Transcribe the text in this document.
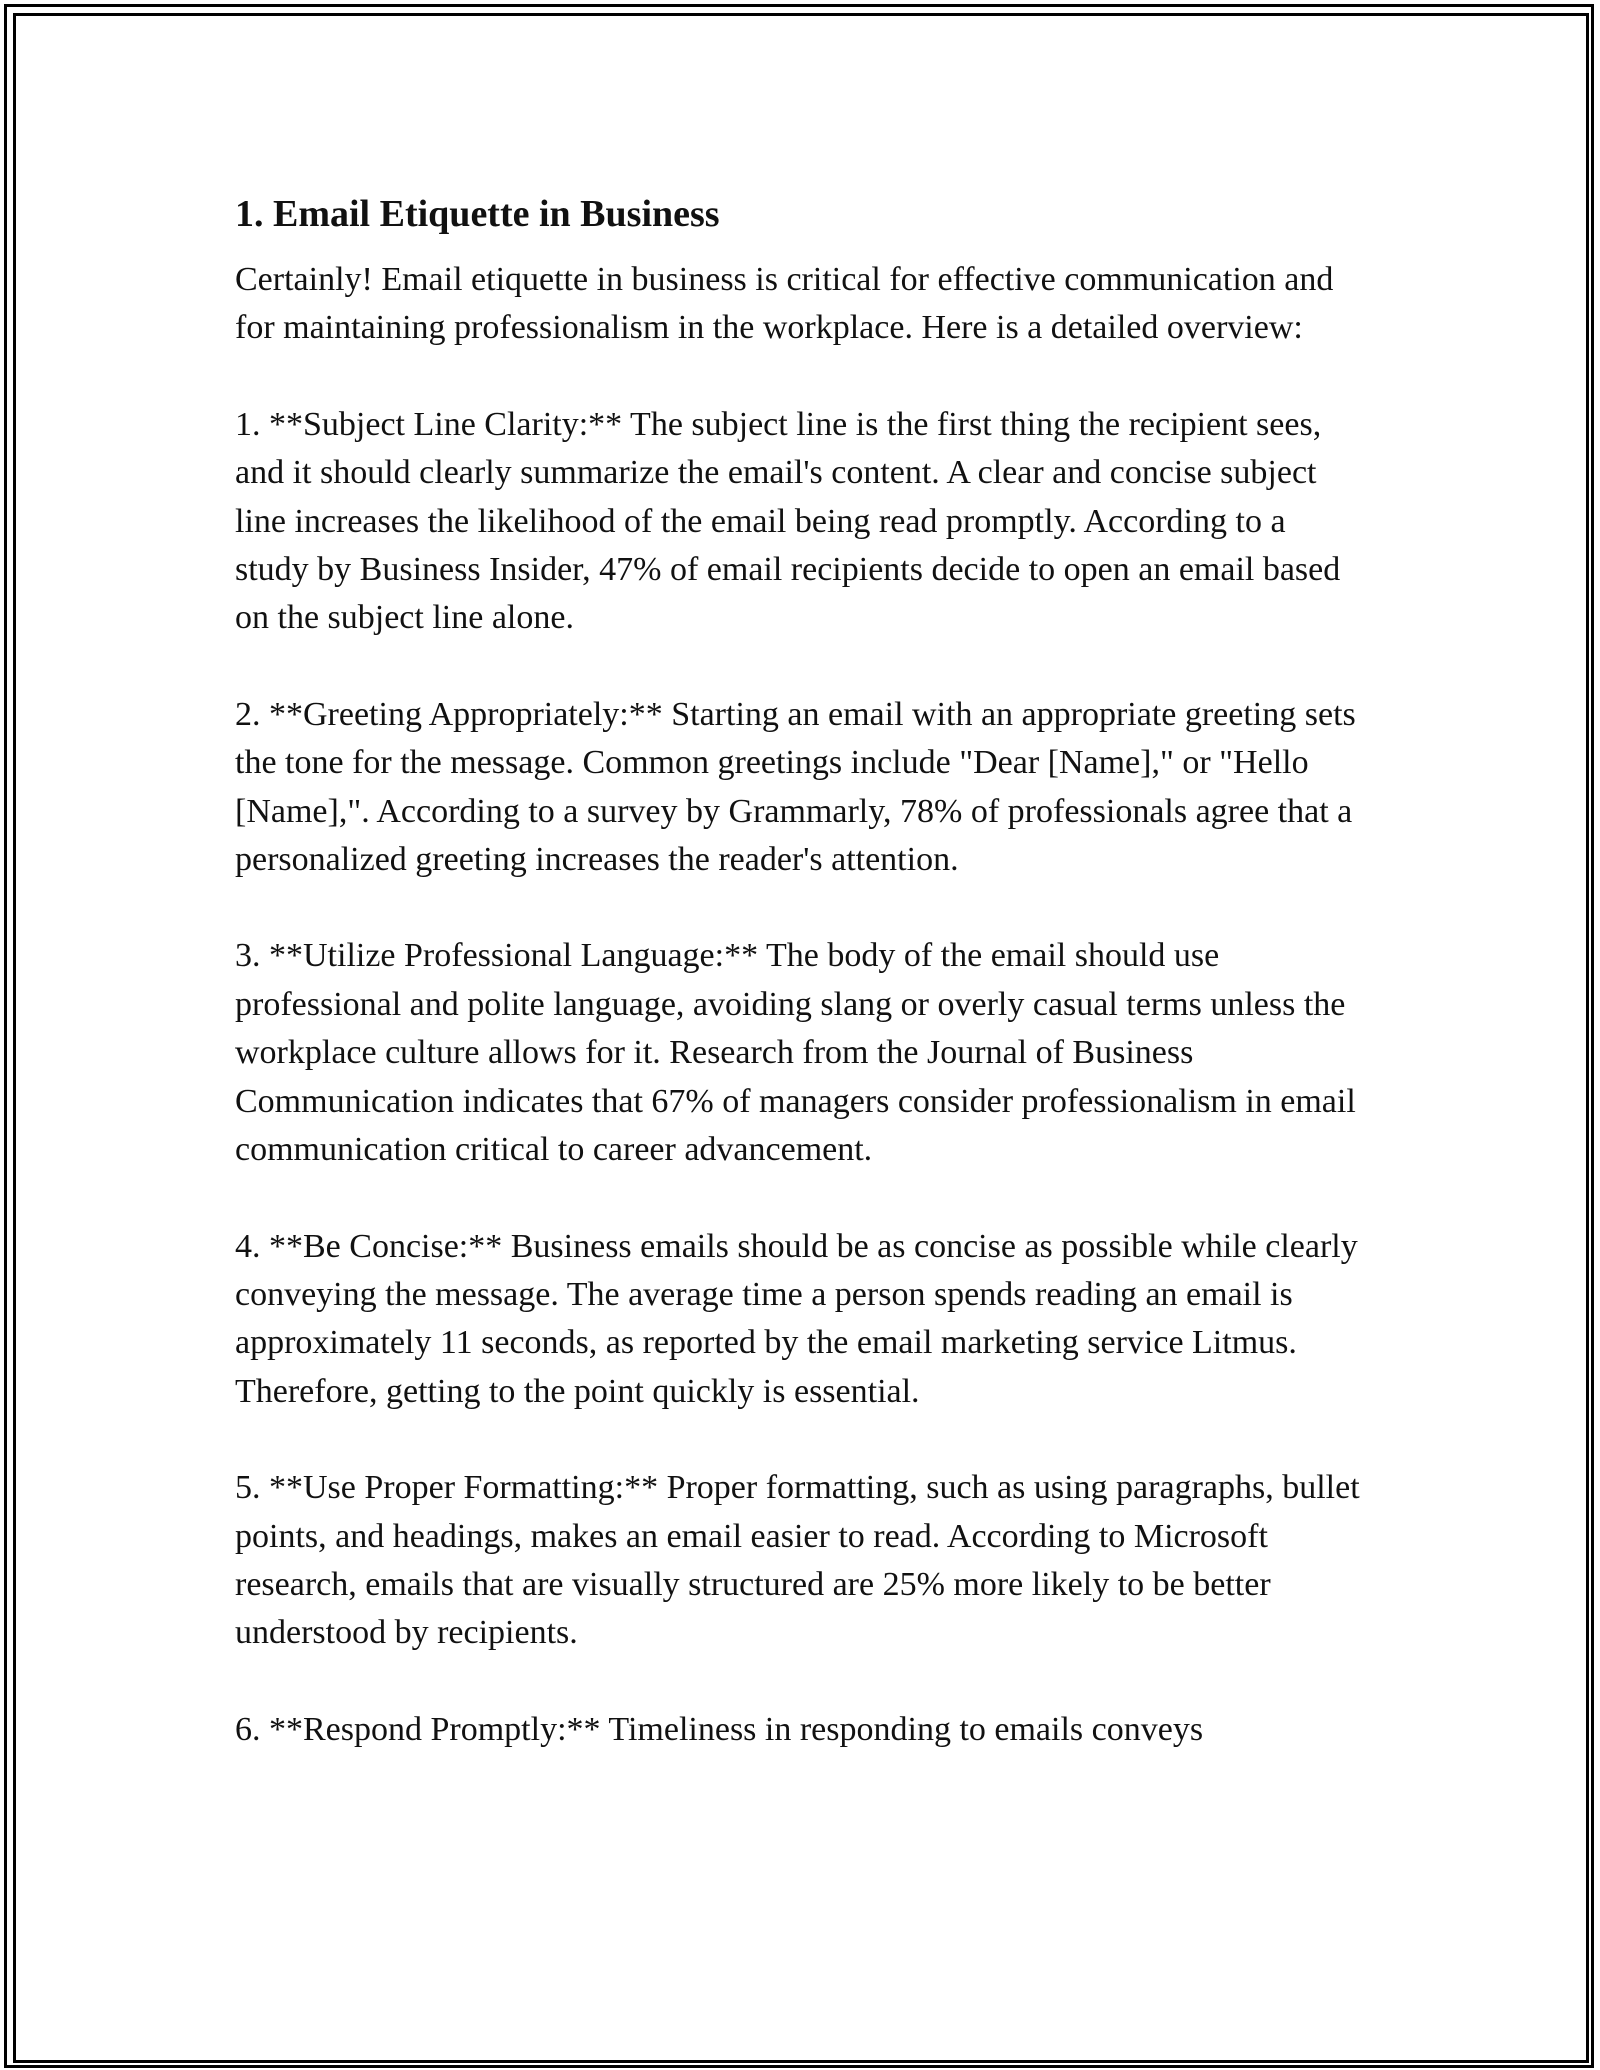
1. Email Etiquette in Business

Certainly! Email etiquette in business is critical for effective communication and for maintaining professionalism in the workplace. Here is a detailed overview:

1. **Subject Line Clarity:** The subject line is the first thing the recipient sees, and it should clearly summarize the email's content. A clear and concise subject line increases the likelihood of the email being read promptly. According to a study by Business Insider, 47% of email recipients decide to open an email based on the subject line alone.

2. **Greeting Appropriately:** Starting an email with an appropriate greeting sets the tone for the message. Common greetings include "Dear [Name]," or "Hello [Name],". According to a survey by Grammarly, 78% of professionals agree that a personalized greeting increases the reader's attention.

3. **Utilize Professional Language:** The body of the email should use professional and polite language, avoiding slang or overly casual terms unless the workplace culture allows for it. Research from the Journal of Business Communication indicates that 67% of managers consider professionalism in email communication critical to career advancement.

4. **Be Concise:** Business emails should be as concise as possible while clearly conveying the message. The average time a person spends reading an email is approximately 11 seconds, as reported by the email marketing service Litmus. Therefore, getting to the point quickly is essential.

5. **Use Proper Formatting:** Proper formatting, such as using paragraphs, bullet points, and headings, makes an email easier to read. According to Microsoft research, emails that are visually structured are 25% more likely to be better understood by recipients.

6. **Respond Promptly:** Timeliness in responding to emails conveys
